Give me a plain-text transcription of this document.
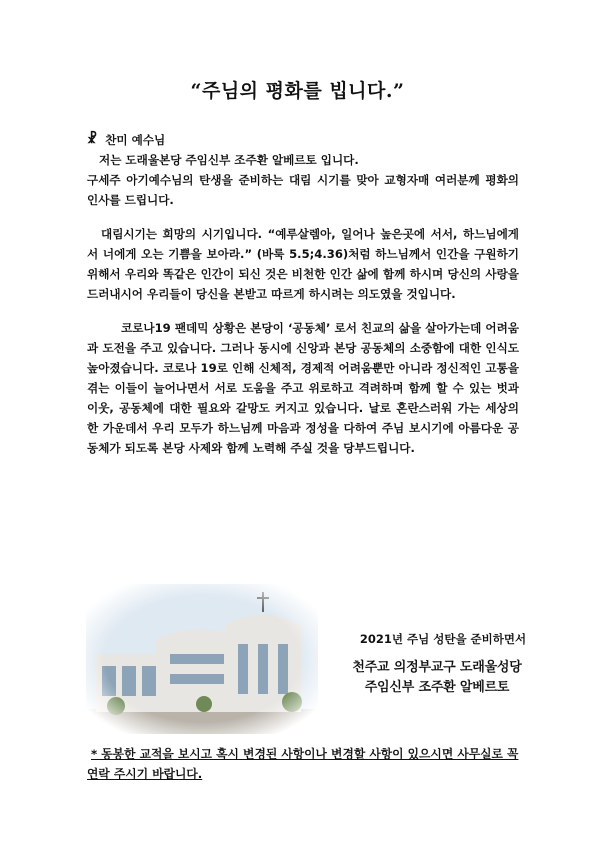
“주님의 평화를 빕니다.”

☧ 찬미 예수님

저는 도래울본당 주임신부 조주환 알베르토 입니다.

구세주 아기예수님의 탄생을 준비하는 대림 시기를 맞아 교형자매 여러분께 평화의 인사를 드립니다.

대림시기는 희망의 시기입니다. “예루살렘아, 일어나 높은곳에 서서, 하느님에게서 너에게 오는 기쁨을 보아라.” (바룩 5.5;4.36)처럼 하느님께서 인간을 구원하기 위해서 우리와 똑같은 인간이 되신 것은 비천한 인간 삶에 함께 하시며 당신의 사랑을 드러내시어 우리들이 당신을 본받고 따르게 하시려는 의도였을 것입니다.

코로나19 팬데믹 상황은 본당이 ‘공동체’ 로서 친교의 삶을 살아가는데 어려움과 도전을 주고 있습니다. 그러나 동시에 신앙과 본당 공동체의 소중함에 대한 인식도 높아졌습니다. 코로나 19로 인해 신체적, 경제적 어려움뿐만 아니라 정신적인 고통을 겪는 이들이 늘어나면서 서로 도움을 주고 위로하고 격려하며 함께 할 수 있는 벗과 이웃, 공동체에 대한 필요와 갈망도 커지고 있습니다. 날로 혼란스러워 가는 세상의 한 가운데서 우리 모두가 하느님께 마음과 정성을 다하여 주님 보시기에 아름다운 공동체가 되도록 본당 사제와 함께 노력해 주실 것을 당부드립니다.

2021년 주님 성탄을 준비하면서
천주교 의정부교구 도래울성당
주임신부 조주환 알베르토
* 동봉한 교적을 보시고 혹시 변경된 사항이나 변경할 사항이 있으시면 사무실로 꼭 연락 주시기 바랍니다.
